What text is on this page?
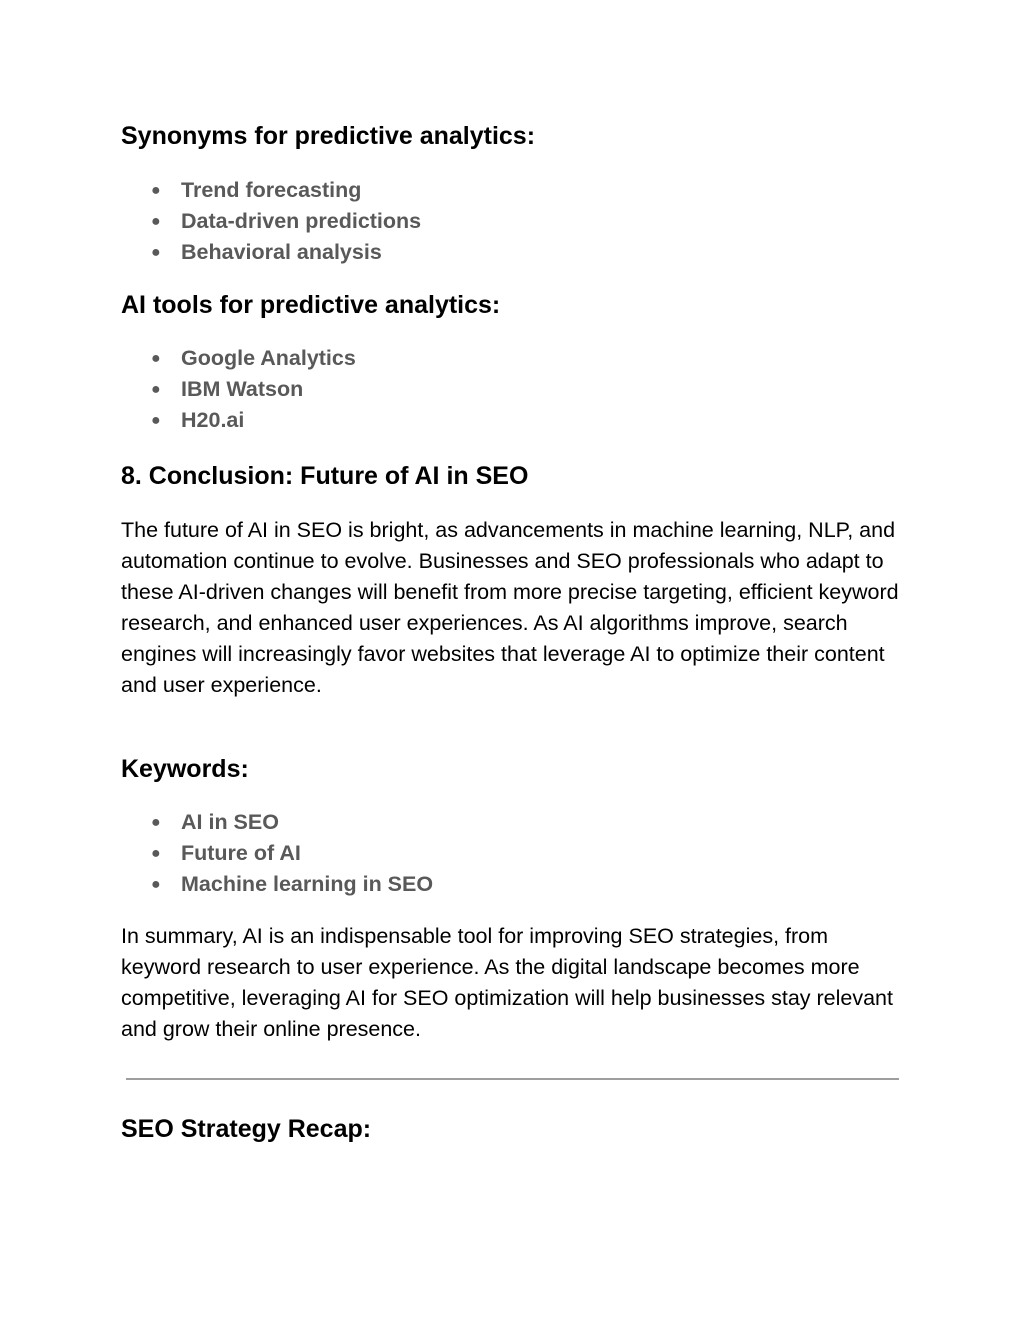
Synonyms for predictive analytics:
● Trend forecasting
● Data-driven predictions
● Behavioral analysis
AI tools for predictive analytics:
● Google Analytics
● IBM Watson
● H20.ai
8. Conclusion: Future of AI in SEO

The future of AI in SEO is bright, as advancements in machine learning, NLP, and automation continue to evolve. Businesses and SEO professionals who adapt to these AI-driven changes will benefit from more precise targeting, efficient keyword research, and enhanced user experiences. As AI algorithms improve, search engines will increasingly favor websites that leverage AI to optimize their content and user experience.

Keywords:
● AI in SEO
● Future of AI
● Machine learning in SEO

In summary, AI is an indispensable tool for improving SEO strategies, from keyword research to user experience. As the digital landscape becomes more competitive, leveraging AI for SEO optimization will help businesses stay relevant and grow their online presence.

SEO Strategy Recap:
